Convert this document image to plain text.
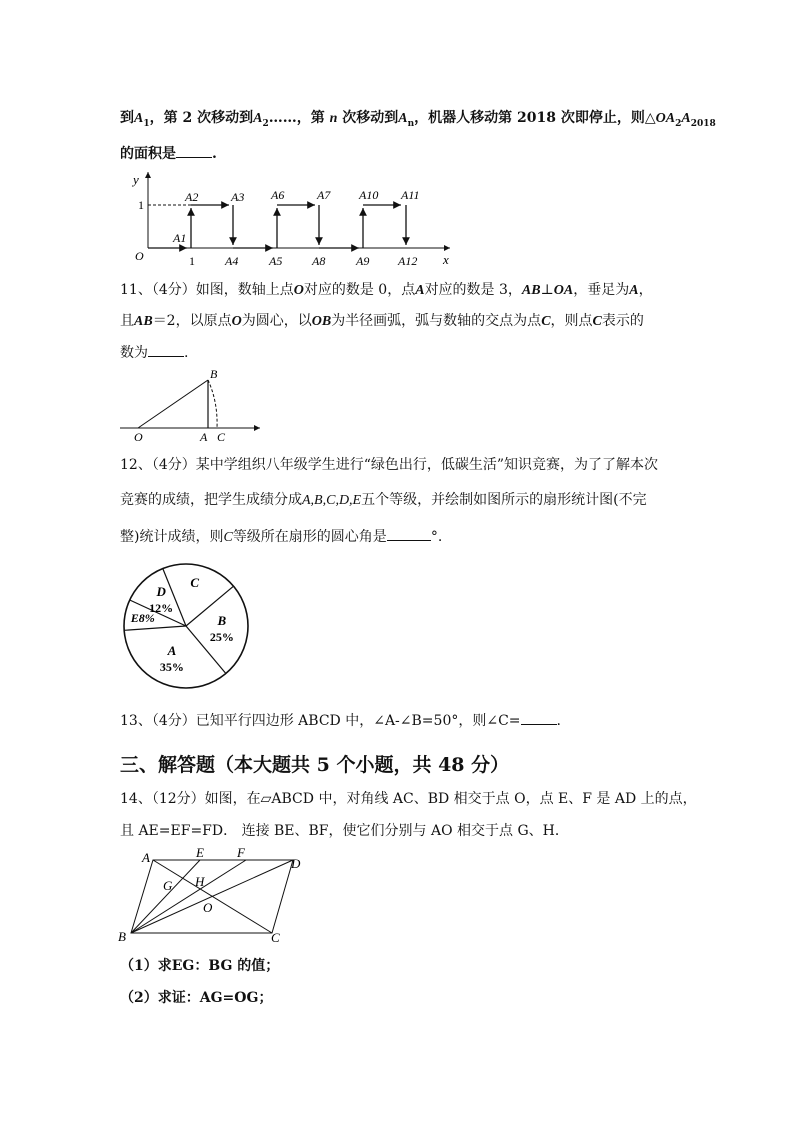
到$A_1$，第 2 次移动到$A_2\dots\dots$，第 n 次移动到$A_n$，机器人移动第 2018 次即停止，则$\triangle OA_2A_{2018}$
的面积是	.
y
x
O
1
1
A2	A3 A6	A7 A10 A11
A1
A4	A5 A8	A9 A12
11、（4分）如图，数轴上点O对应的数是 0，点A对应的数是 3，AB⊥OA，垂足为A，
且AB＝2，以原点O为圆心，以OB为半径画弧，弧与数轴的交点为点C，则点C表示的
数为	.
B
O	A C
12、（4分）某中学组织八年级学生进行“绿色出行，低碳生活”知识竞赛，为了了解本次
竞赛的成绩，把学生成绩分成A,B,C,D,E五个等级，并绘制如图所示的扇形统计图(不完
整)统计成绩，则C等级所在扇形的圆心角是	°.
A
35%
B
25%
C
D
12%
E8%
13、（4分）已知平行四边形 ABCD 中，∠A-∠B=50°，则∠C=	.
三、解答题（本大题共 5 个小题，共 48 分）
14、（12分）如图，在▱ABCD 中，对角线 AC、BD 相交于点 O，点 E、F 是 AD 上的点，
且 AE=EF=FD． 连接 BE、BF，使它们分别与 AO 相交于点 G、H．
A	E	F
D
G H
O
B	C
（1）求EG：BG 的值；
（2）求证：AG=OG；
